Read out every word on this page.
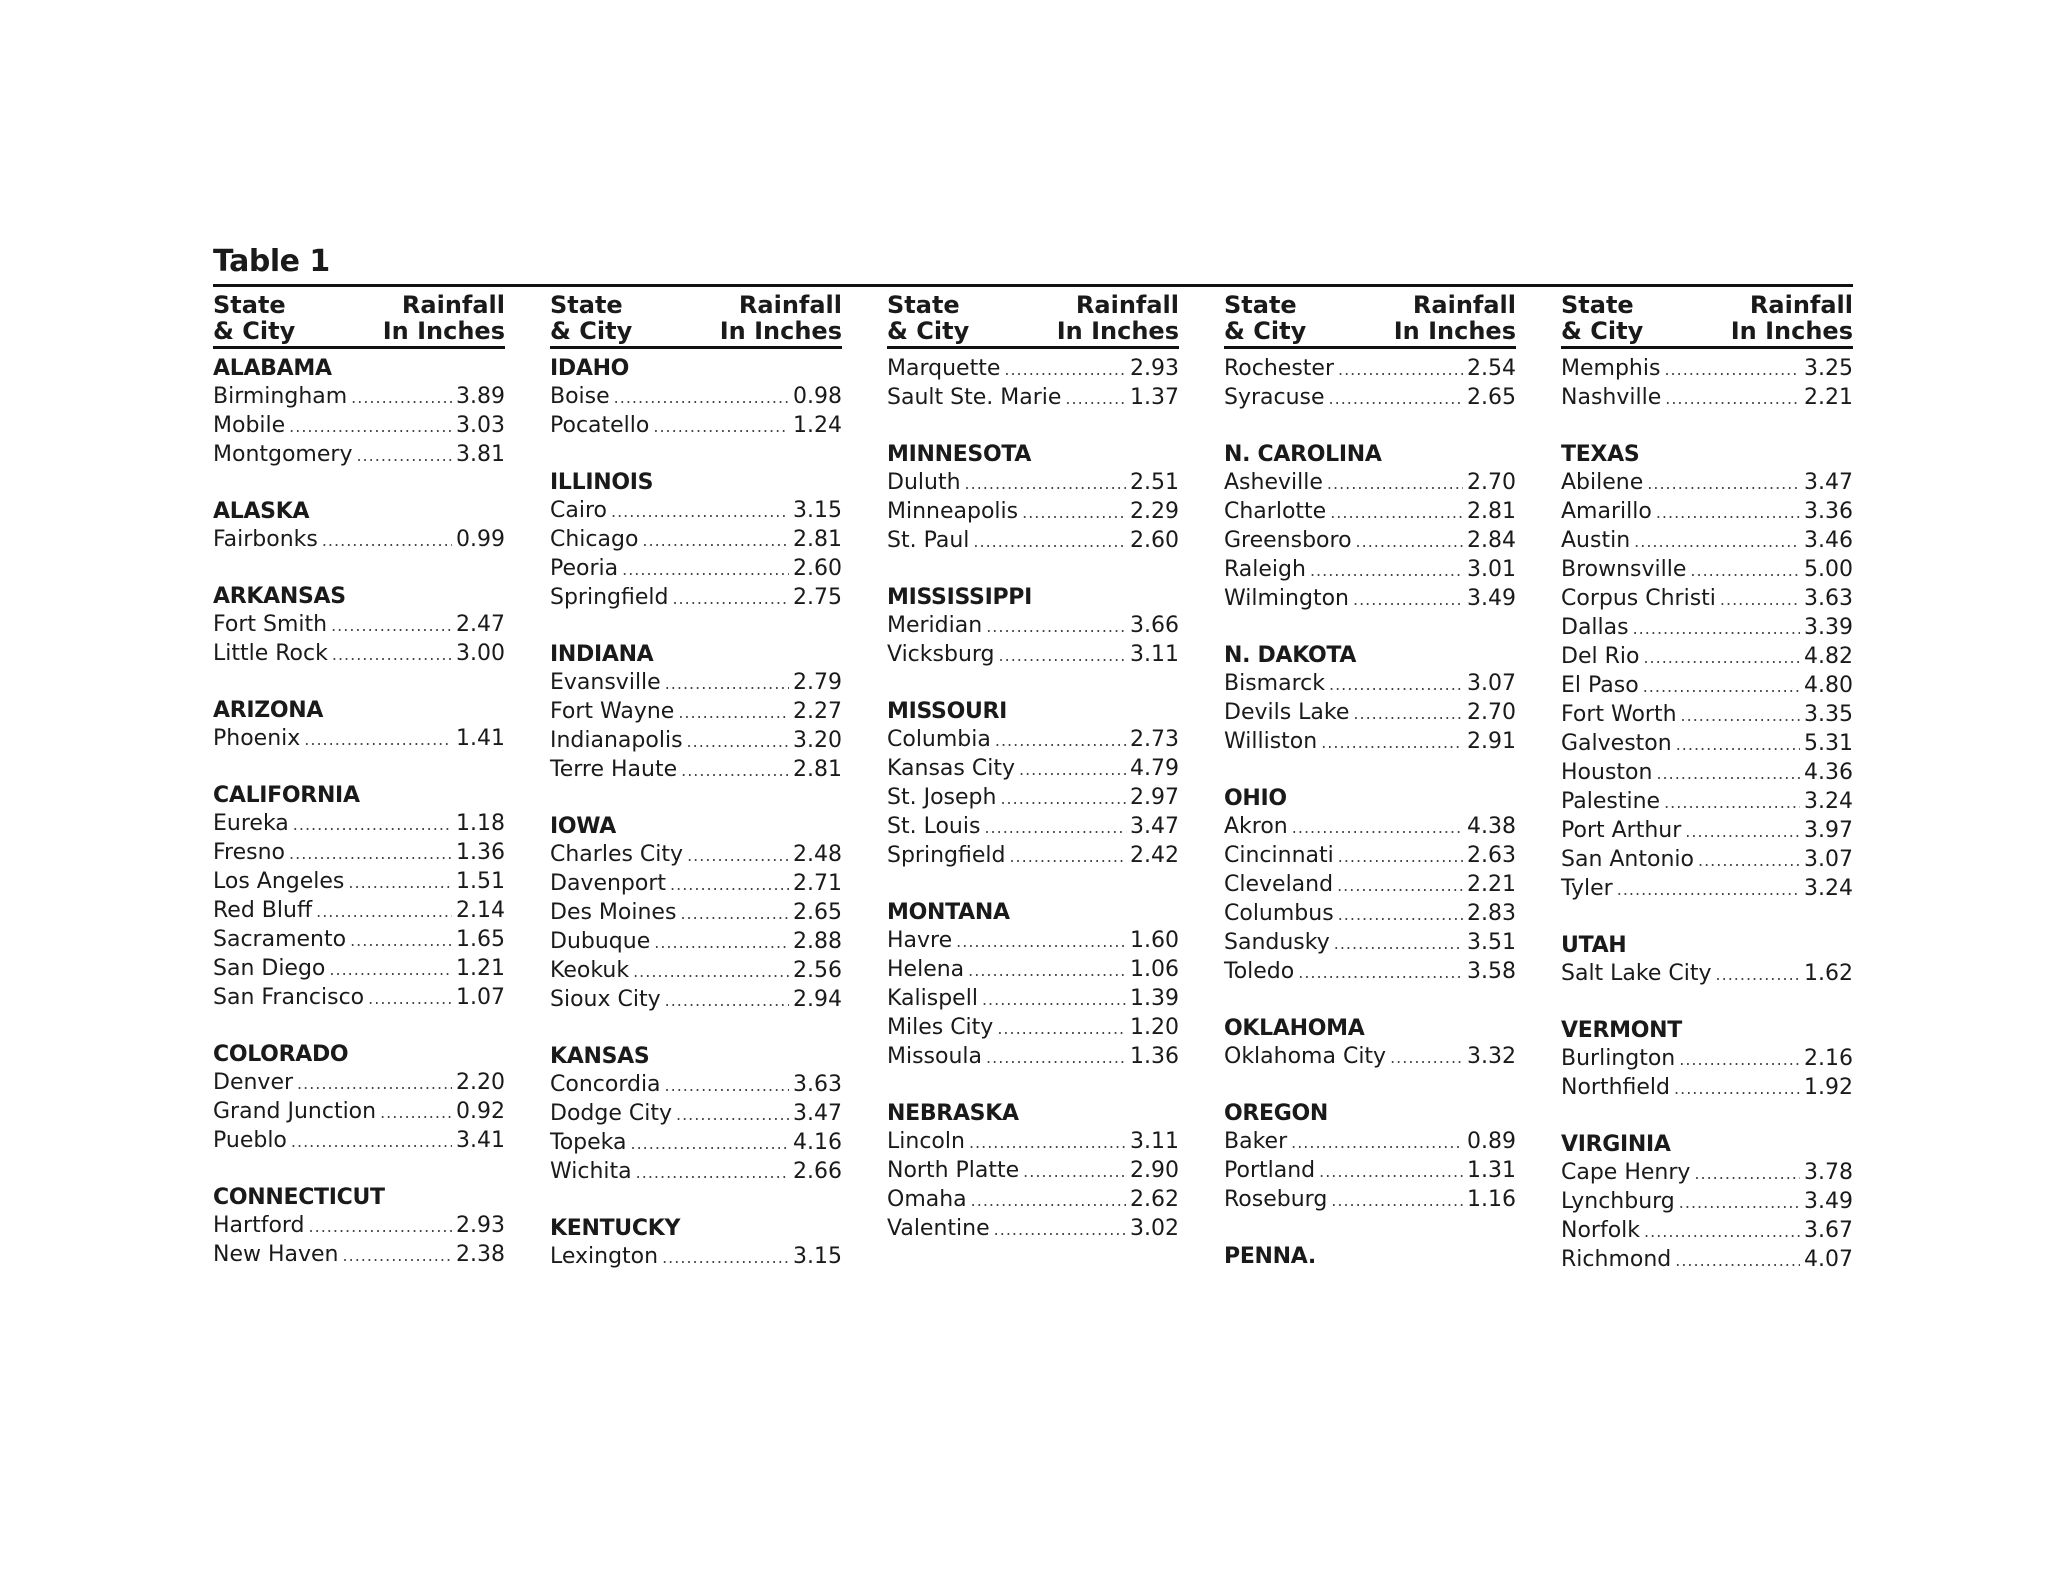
Table 1
State
& City
Rainfall
In Inches
ALABAMA
Birmingham .....	3.89
Mobile .....	3.03
Montgomery .....	3.81
ALASKA
Fairbonks .....	0.99
ARKANSAS
Fort Smith .....	2.47
Little Rock .....	3.00
ARIZONA
Phoenix .....	1.41
CALIFORNIA
Eureka .....	1.18
Fresno .....	1.36
Los Angeles .....	1.51
Red Bluff .....	2.14
Sacramento .....	1.65
San Diego .....	1.21
San Francisco .....	1.07
COLORADO
Denver .....	2.20
Grand Junction .....	0.92
Pueblo .....	3.41
CONNECTICUT
Hartford .....	2.93
New Haven .....	2.38
State
& City
Rainfall
In Inches
IDAHO
Boise .....	0.98
Pocatello .....	1.24
ILLINOIS
Cairo .....	3.15
Chicago .....	2.81
Peoria .....	2.60
Springfield .....	2.75
INDIANA
Evansville .....	2.79
Fort Wayne .....	2.27
Indianapolis .....	3.20
Terre Haute .....	2.81
IOWA
Charles City .....	2.48
Davenport .....	2.71
Des Moines .....	2.65
Dubuque .....	2.88
Keokuk .....	2.56
Sioux City .....	2.94
KANSAS
Concordia .....	3.63
Dodge City .....	3.47
Topeka .....	4.16
Wichita .....	2.66
KENTUCKY
Lexington .....	3.15
State
& City
Rainfall
In Inches
Marquette .....	2.93
Sault Ste. Marie .....	1.37
MINNESOTA
Duluth .....	2.51
Minneapolis .....	2.29
St. Paul .....	2.60
MISSISSIPPI
Meridian .....	3.66
Vicksburg .....	3.11
MISSOURI
Columbia .....	2.73
Kansas City .....	4.79
St. Joseph .....	2.97
St. Louis .....	3.47
Springfield .....	2.42
MONTANA
Havre .....	1.60
Helena .....	1.06
Kalispell .....	1.39
Miles City .....	1.20
Missoula .....	1.36
NEBRASKA
Lincoln .....	3.11
North Platte .....	2.90
Omaha .....	2.62
Valentine .....	3.02
State
& City
Rainfall
In Inches
Rochester .....	2.54
Syracuse .....	2.65
N. CAROLINA
Asheville .....	2.70
Charlotte .....	2.81
Greensboro .....	2.84
Raleigh .....	3.01
Wilmington .....	3.49
N. DAKOTA
Bismarck .....	3.07
Devils Lake .....	2.70
Williston .....	2.91
OHIO
Akron .....	4.38
Cincinnati .....	2.63
Cleveland .....	2.21
Columbus .....	2.83
Sandusky .....	3.51
Toledo .....	3.58
OKLAHOMA
Oklahoma City .....	3.32
OREGON
Baker .....	0.89
Portland .....	1.31
Roseburg .....	1.16
PENNA.
State
& City
Rainfall
In Inches
Memphis .....	3.25
Nashville .....	2.21
TEXAS
Abilene .....	3.47
Amarillo .....	3.36
Austin .....	3.46
Brownsville .....	5.00
Corpus Christi .....	3.63
Dallas .....	3.39
Del Rio .....	4.82
El Paso .....	4.80
Fort Worth .....	3.35
Galveston .....	5.31
Houston .....	4.36
Palestine .....	3.24
Port Arthur .....	3.97
San Antonio .....	3.07
Tyler .....	3.24
UTAH
Salt Lake City .....	1.62
VERMONT
Burlington .....	2.16
Northfield .....	1.92
VIRGINIA
Cape Henry .....	3.78
Lynchburg .....	3.49
Norfolk .....	3.67
Richmond .....	4.07
